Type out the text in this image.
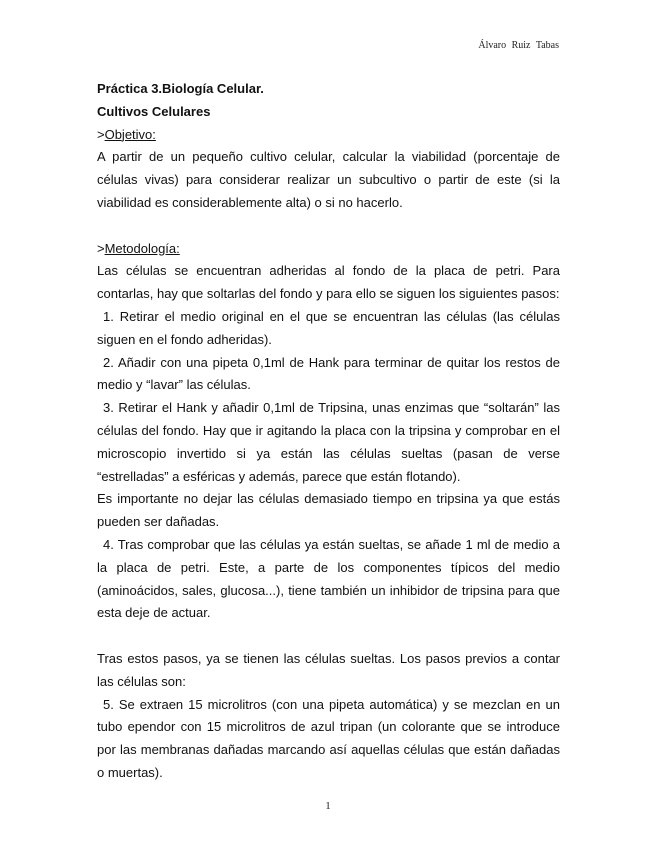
Álvaro Ruiz Tabas

Práctica 3.Biología Celular.

Cultivos Celulares

>Objetivo:

A partir de un pequeño cultivo celular, calcular la viabilidad (porcentaje de células vivas) para considerar realizar un subcultivo o partir de este (si la viabilidad es considerablemente alta) o si no hacerlo.

>Metodología:

Las células se encuentran adheridas al fondo de la placa de petri. Para contarlas, hay que soltarlas del fondo y para ello se siguen los siguientes pasos:

1. Retirar el medio original en el que se encuentran las células (las células siguen en el fondo adheridas).

2. Añadir con una pipeta 0,1ml de Hank para terminar de quitar los restos de medio y “lavar” las células.

3. Retirar el Hank y añadir 0,1ml de Tripsina, unas enzimas que “soltarán” las células del fondo. Hay que ir agitando la placa con la tripsina y comprobar en el microscopio invertido si ya están las células sueltas (pasan de verse “estrelladas” a esféricas y además, parece que están flotando).

Es importante no dejar las células demasiado tiempo en tripsina ya que estás pueden ser dañadas.

4. Tras comprobar que las células ya están sueltas, se añade 1 ml de medio a la placa de petri. Este, a parte de los componentes típicos del medio (aminoácidos, sales, glucosa...), tiene también un inhibidor de tripsina para que esta deje de actuar.

Tras estos pasos, ya se tienen las células sueltas. Los pasos previos a contar las células son:

5. Se extraen 15 microlitros (con una pipeta automática) y se mezclan en un tubo ependor con 15 microlitros de azul tripan (un colorante que se introduce por las membranas dañadas marcando así aquellas células que están dañadas o muertas).

1
